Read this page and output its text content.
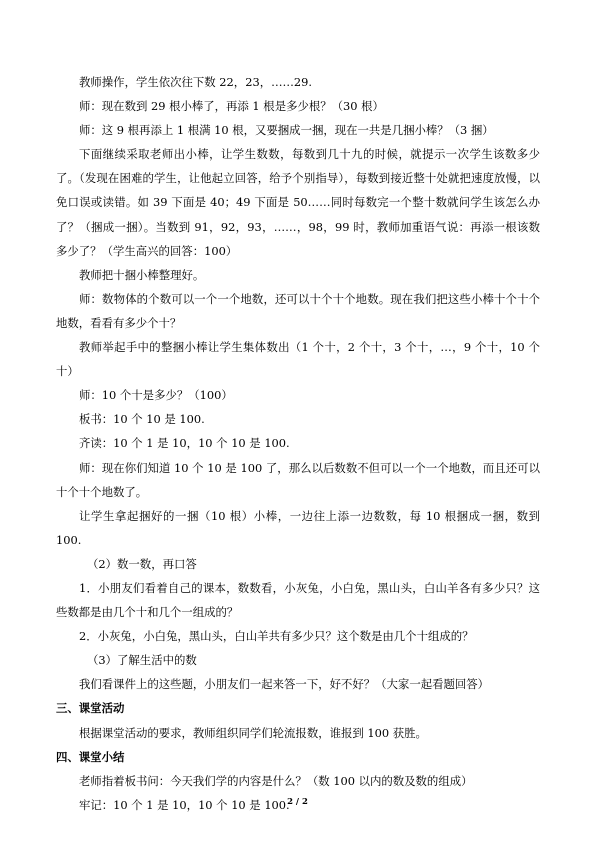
教师操作，学生依次往下数 22，23，……29.

师：现在数到 29 根小棒了，再添 1 根是多少根？（30 根）

师：这 9 根再添上 1 根满 10 根，又要捆成一捆，现在一共是几捆小棒？（3 捆）

下面继续采取老师出小棒，让学生数数，每数到几十九的时候，就提示一次学生该数多少了。（发现在困难的学生，让他起立回答，给予个别指导），每数到接近整十处就把速度放慢，以免口误或读错。如 39 下面是 40；49 下面是 50……同时每数完一个整十数就问学生该怎么办了？（捆成一捆）。当数到 91，92，93，……，98，99 时，教师加重语气说：再添一根该数多少了？（学生高兴的回答：100）

教师把十捆小棒整理好。

师：数物体的个数可以一个一个地数，还可以十个十个地数。现在我们把这些小棒十个十个地数，看看有多少个十？

教师举起手中的整捆小棒让学生集体数出（1 个十，2 个十，3 个十，…，9 个十，10 个十）

师：10 个十是多少？（100）

板书：10 个 10 是 100.

齐读：10 个 1 是 10，10 个 10 是 100.

师：现在你们知道 10 个 10 是 100 了，那么以后数数不但可以一个一个地数，而且还可以十个十个地数了。

让学生拿起捆好的一捆（10 根）小棒，一边往上添一边数数，每 10 根捆成一捆，数到 100.

（2）数一数，再口答

1．小朋友们看着自己的课本，数数看，小灰兔，小白兔，黑山头，白山羊各有多少只？这些数都是由几个十和几个一组成的？

2．小灰兔，小白兔，黑山头，白山羊共有多少只？这个数是由几个十组成的？

（3）了解生活中的数

我们看课件上的这些题，小朋友们一起来答一下，好不好？（大家一起看题回答）

三、课堂活动

根据课堂活动的要求，教师组织同学们轮流报数，谁报到 100 获胜。

四、课堂小结

老师指着板书问：今天我们学的内容是什么？（数 100 以内的数及数的组成）

牢记：10 个 1 是 10，10 个 10 是 100.

2 / 2
